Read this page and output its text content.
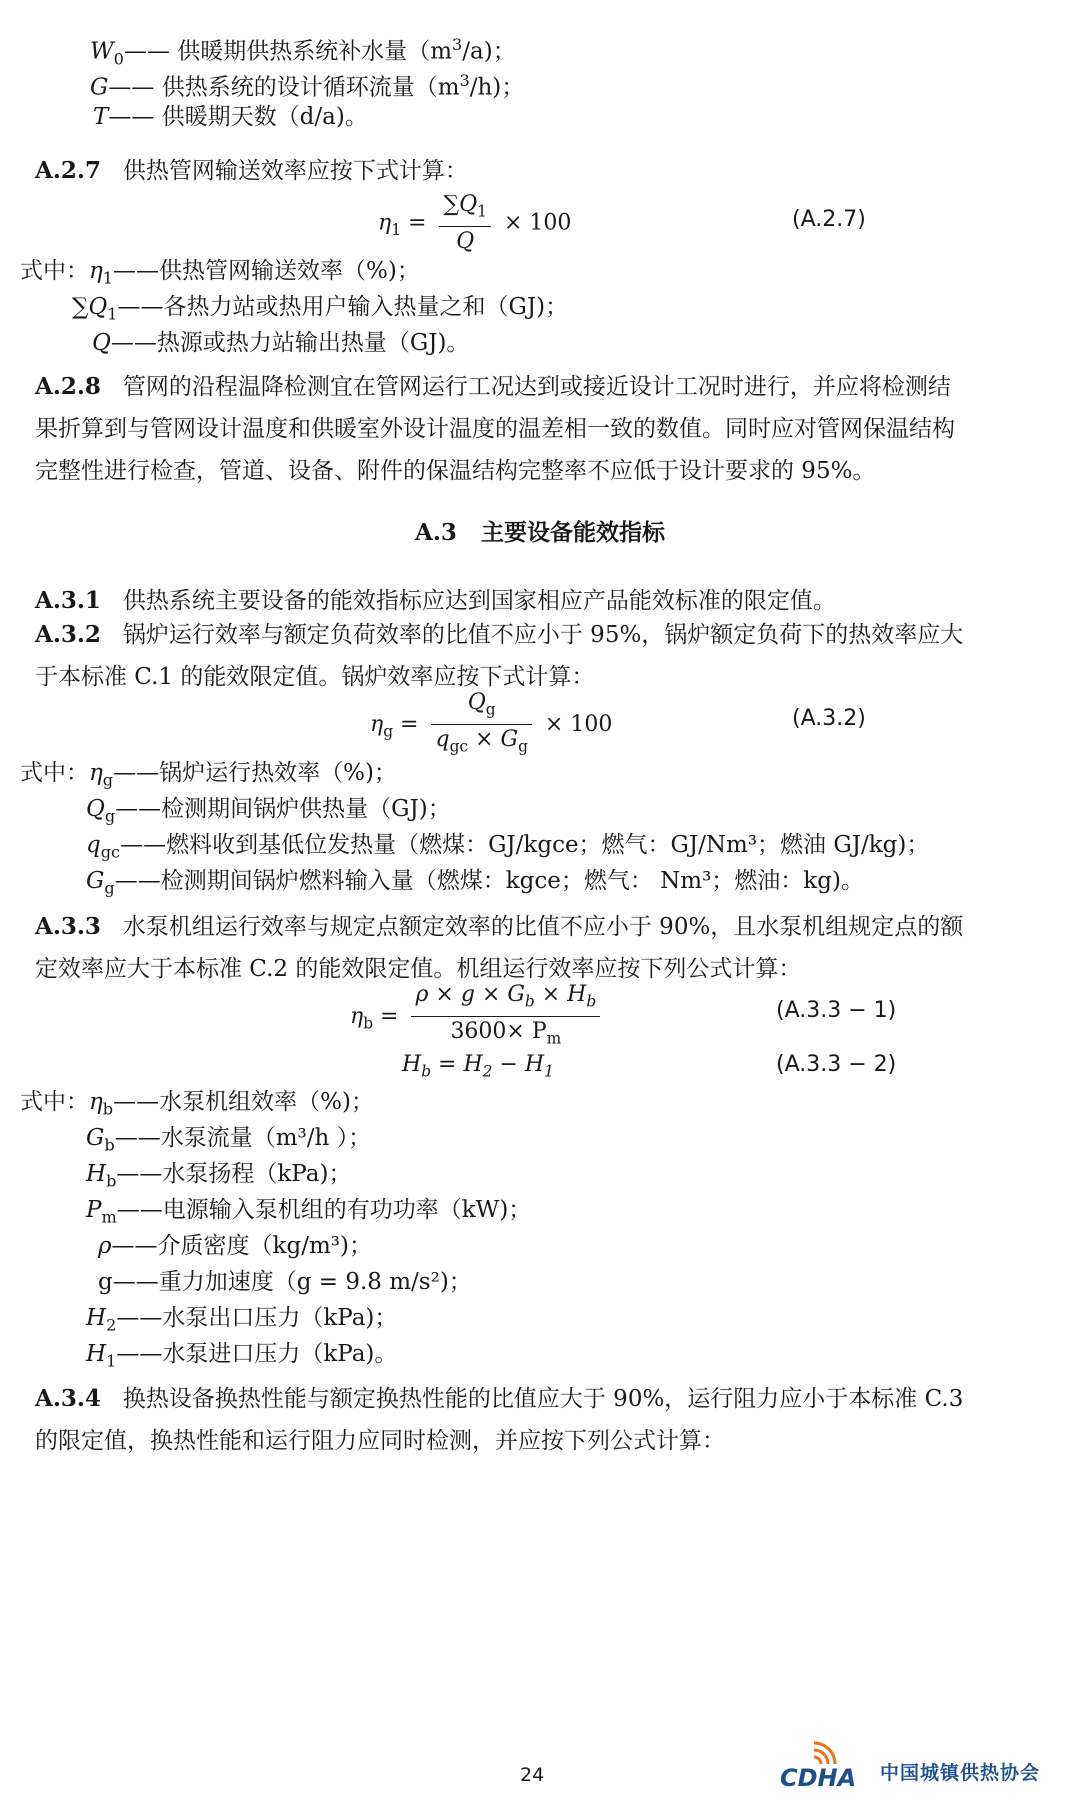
$W_0——$ 供暖期供热系统补水量$(m^3/a)$；
G—— 供热系统的设计循环流量$(m^3/h)$；
T—— 供暖期天数（d/a)。
A.2.7 供热管网输送效率应按下式计算：
$\eta_1 = \frac{\sum Q_1}{Q} \times 100$	(A.2.7)
式中：$\eta_1——$供热管网输送效率（%)；
$\sum Q_1——$各热力站或热用户输入热量之和（GJ)；
Q——热源或热力站输出热量（GJ)。
A.2.8 管网的沿程温降检测宜在管网运行工况达到或接近设计工况时进行，并应将检测结
果折算到与管网设计温度和供暖室外设计温度的温差相一致的数值。同时应对管网保温结构
完整性进行检查，管道、设备、附件的保温结构完整率不应低于设计要求的 95%。
A.3 主要设备能效指标
A.3.1 供热系统主要设备的能效指标应达到国家相应产品能效标准的限定值。
A.3.2 锅炉运行效率与额定负荷效率的比值不应小于 95%，锅炉额定负荷下的热效率应大
于本标准 C.1 的能效限定值。锅炉效率应按下式计算：
$\eta_g = \frac{Q_g}{q_{gc} \times G_g} \times 100$	(A.3.2)
式中：$\eta_g——$锅炉运行热效率（%)；
$Q_g——$检测期间锅炉供热量（GJ)；
$q_{gc}——$燃料收到基低位发热量（燃煤：GJ/kgce；燃气：GJ/Nm³；燃油 GJ/kg)；
$G_g——$检测期间锅炉燃料输入量（燃煤：kgce；燃气： Nm³；燃油：kg)。
A.3.3 水泵机组运行效率与规定点额定效率的比值不应小于 90%，且水泵机组规定点的额
定效率应大于本标准 C.2 的能效限定值。机组运行效率应按下列公式计算：
$\eta_b = \frac{\rho \times g \times G_b \times H_b}{3600\times P_m}$	(A.3.3 − 1)
$H_b = H_2 - H_1$	(A.3.3 − 2)
式中：$\eta_b——$水泵机组效率（%)；
$G_b——$水泵流量（m³/h ）；
$H_b——$水泵扬程（kPa)；
$P_m——$电源输入泵机组的有功功率（kW)；
ρ——介质密度（kg/m³)；
g——重力加速度（g = 9.8 m/s²)；
$H_2——$水泵出口压力（kPa)；
$H_1——$水泵进口压力（kPa)。
A.3.4 换热设备换热性能与额定换热性能的比值应大于 90%，运行阻力应小于本标准 C.3
的限定值，换热性能和运行阻力应同时检测，并应按下列公式计算：
24	CDHA 中国城镇供热协会
